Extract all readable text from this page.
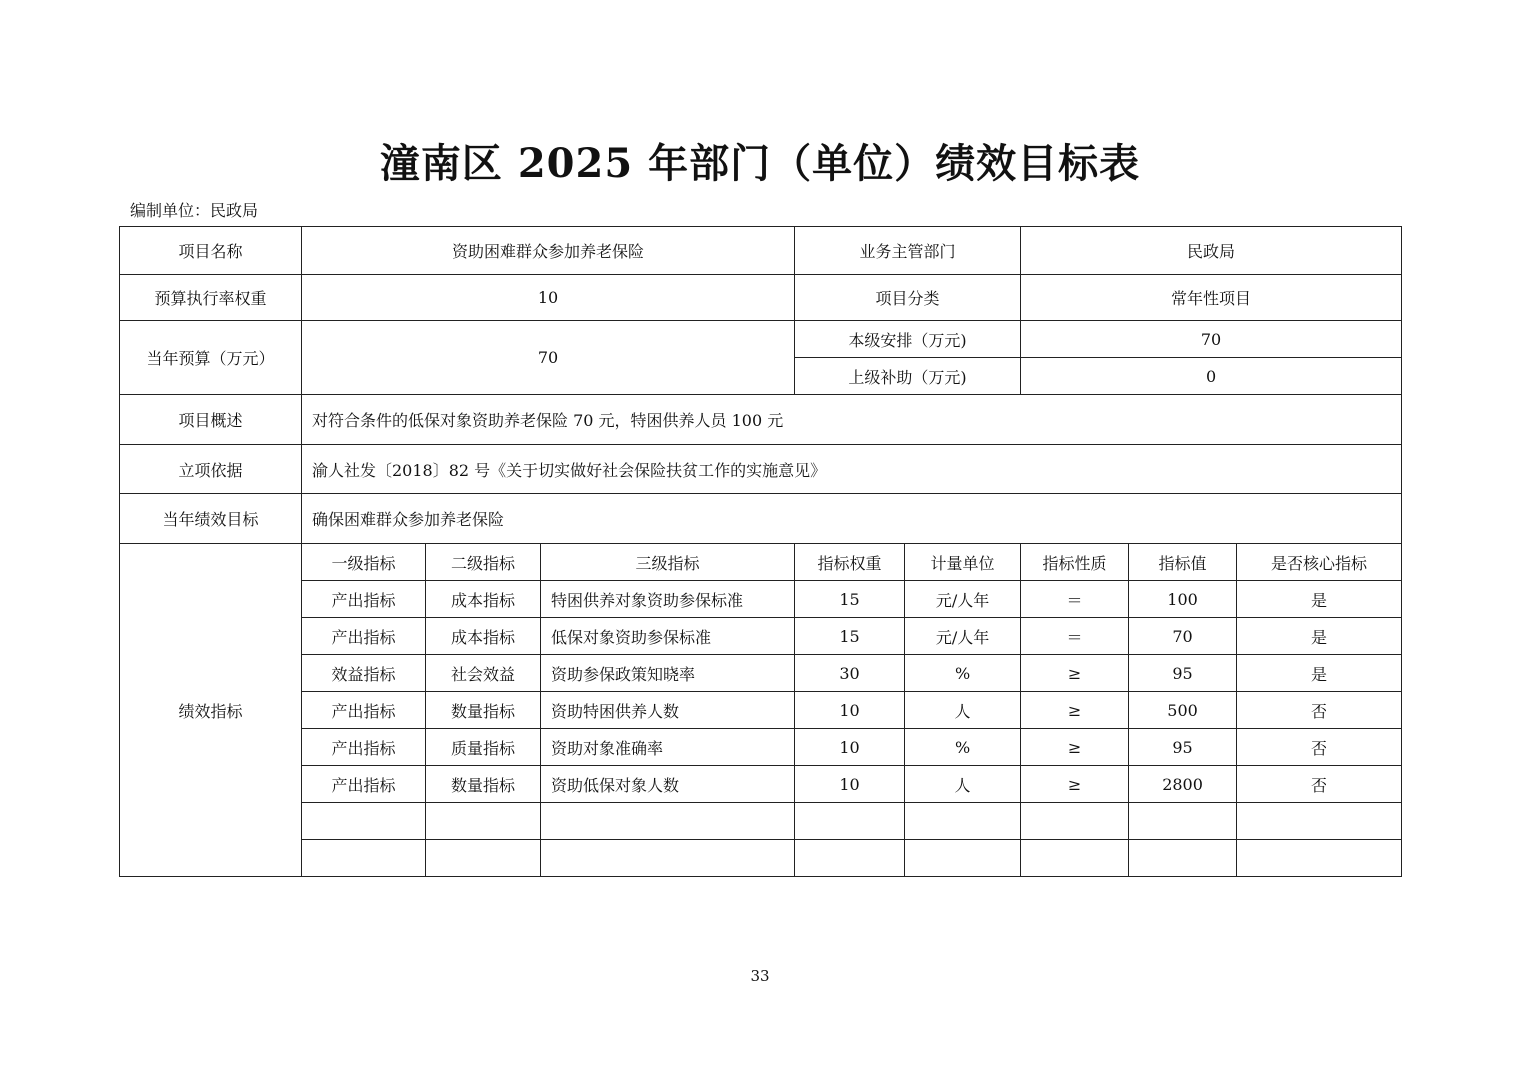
潼南区 2025 年部门（单位）绩效目标表
编制单位：民政局
项目名称	资助困难群众参加养老保险			业务主管部门		民政局		
预算执行率权重	10			项目分类		常年性项目		
当年预算（万元）	70			本级安排（万元)		70		
				上级补助（万元)		0		
项目概述	对符合条件的低保对象资助养老保险 70 元，特困供养人员 100 元							
立项依据	渝人社发〔2018〕82 号《关于切实做好社会保险扶贫工作的实施意见》							
当年绩效目标	确保困难群众参加养老保险							
绩效指标	一级指标	二级指标	三级指标	指标权重	计量单位	指标性质	指标值	是否核心指标
	产出指标	成本指标	特困供养对象资助参保标准	15	元/人年	＝	100	是
	产出指标	成本指标	低保对象资助参保标准	15	元/人年	＝	70	是
	效益指标	社会效益	资助参保政策知晓率	30	%	≥	95	是
	产出指标	数量指标	资助特困供养人数	10	人	≥	500	否
	产出指标	质量指标	资助对象准确率	10	%	≥	95	否
	产出指标	数量指标	资助低保对象人数	10	人	≥	2800	否

33
